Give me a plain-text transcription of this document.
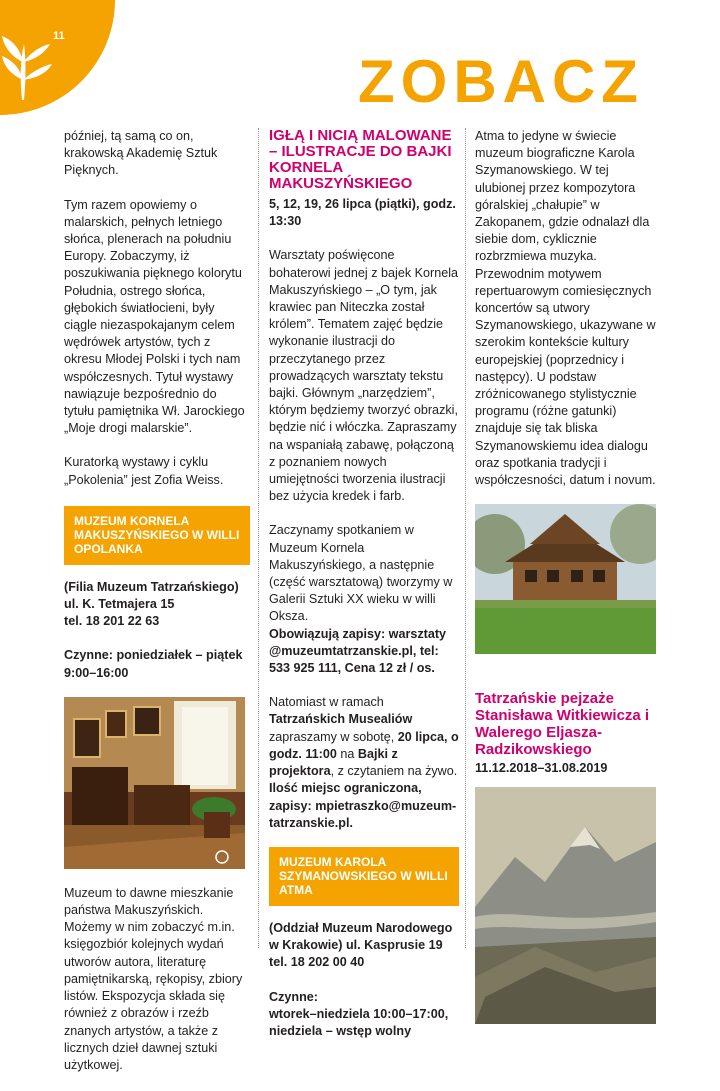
11
ZOBACZ

później, tą samą co on, krakowską Akademię Sztuk Pięknych.

Tym razem opowiemy o malarskich, pełnych letniego słońca, plenerach na południu Europy. Zobaczymy, iż poszukiwania pięknego kolorytu Południa, ostrego słońca, głębokich światłocieni, były ciągle niezaspokajanym celem wędrówek artystów, tych z okresu Młodej Polski i tych nam współczesnych. Tytuł wystawy nawiązuje bezpośrednio do tytułu pamiętnika Wł. Jarockiego „Moje drogi malarskie”.

Kuratorką wystawy i cyklu „Pokolenia” jest Zofia Weiss.

MUZEUM KORNELA MAKUSZYŃSKIEGO W WILLI OPOLANKA
(Filia Muzeum Tatrzańskiego)
ul. K. Tetmajera 15
tel. 18 201 22 63
Czynne: poniedziałek – piątek
9:00–16:00

Muzeum to dawne mieszkanie państwa Makuszyńskich. Możemy w nim zobaczyć m.in. księgozbiór kolejnych wydań utworów autora, literaturę pamiętnikarską, rękopisy, zbiory listów. Ekspozycja składa się również z obrazów i rzeźb znanych artystów, a także z licznych dzieł dawnej sztuki użytkowej.

IGŁĄ I NICIĄ MALOWANE – ILUSTRACJE DO BAJKI KORNELA MAKUSZYŃSKIEGO

5, 12, 19, 26 lipca (piątki), godz. 13:30

Warsztaty poświęcone bohaterowi jednej z bajek Kornela Makuszyńskiego – „O tym, jak krawiec pan Niteczka został królem”. Tematem zajęć będzie wykonanie ilustracji do przeczytanego przez prowadzących warsztaty tekstu bajki. Głównym „narzędziem”, którym będziemy tworzyć obrazki, będzie nić i włóczka. Zapraszamy na wspaniałą zabawę, połączoną z poznaniem nowych umiejętności tworzenia ilustracji bez użycia kredek i farb.

Zaczynamy spotkaniem w Muzeum Kornela Makuszyńskiego, a następnie (część warsztatową) tworzymy w Galerii Sztuki XX wieku w willi Oksza.

Obowiązują zapisy: warsztaty @muzeumtatrzanskie.pl, tel: 533 925 111, Cena 12 zł / os.

Natomiast w ramach Tatrzańskich Musealiów zapraszamy w sobotę, 20 lipca, o godz. 11:00 na Bajki z projektora, z czytaniem na żywo.

Ilość miejsc ograniczona, zapisy: mpietraszko@muzeumtatrzanskie.pl.

MUZEUM KAROLA SZYMANOWSKIEGO W WILLI ATMA
(Oddział Muzeum Narodowego w Krakowie) ul. Kasprusie 19
tel. 18 202 00 40
Czynne:
wtorek–niedziela 10:00–17:00, niedziela – wstęp wolny

Atma to jedyne w świecie muzeum biograficzne Karola Szymanowskiego. W tej ulubionej przez kompozytora góralskiej „chałupie” w Zakopanem, gdzie odnalazł dla siebie dom, cyklicznie rozbrzmiewa muzyka. Przewodnim motywem repertuarowym comiesięcznych koncertów są utwory Szymanowskiego, ukazywane w szerokim kontekście kultury europejskiej (poprzednicy i następcy). U podstaw zróżnicowanego stylistycznie programu (różne gatunki) znajduje się tak bliska Szymanowskiemu idea dialogu oraz spotkania tradycji i współczesności, datum i novum.

Tatrzańskie pejzaże Stanisława Witkiewicza i Walerego Eljasza-Radzikowskiego

11.12.2018–31.08.2019
